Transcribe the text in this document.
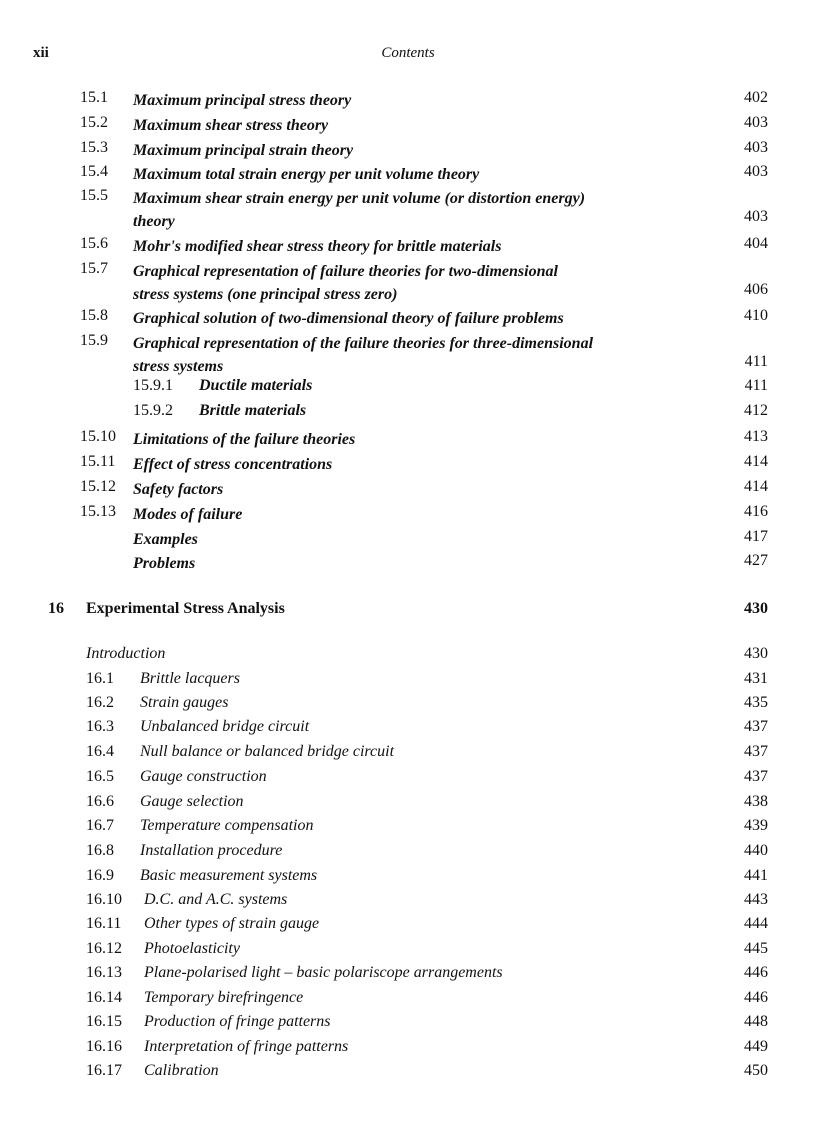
xii	Contents
15.1 Maximum principal stress theory	402
15.2 Maximum shear stress theory	403
15.3 Maximum principal strain theory	403
15.4 Maximum total strain energy per unit volume theory	403
15.5 Maximum shear strain energy per unit volume (or distortion energy)
theory	403
15.6 Mohr's modified shear stress theory for brittle materials	404
15.7 Graphical representation of failure theories for two-dimensional
stress systems (one principal stress zero)	406
15.8 Graphical solution of two-dimensional theory of failure problems	410
15.9 Graphical representation of the failure theories for three-dimensional
stress systems	411
15.9.1 Ductile materials	411
15.9.2 Brittle materials	412
15.10 Limitations of the failure theories	413
15.11 Effect of stress concentrations	414
15.12 Safety factors	414
15.13 Modes of failure	416
Examples	417
Problems	427
16 Experimental Stress Analysis	430
Introduction	430
16.1 Brittle lacquers	431
16.2 Strain gauges	435
16.3 Unbalanced bridge circuit	437
16.4 Null balance or balanced bridge circuit	437
16.5 Gauge construction	437
16.6 Gauge selection	438
16.7 Temperature compensation	439
16.8 Installation procedure	440
16.9 Basic measurement systems	441
16.10 D.C. and A.C. systems	443
16.11 Other types of strain gauge	444
16.12 Photoelasticity	445
16.13 Plane-polarised light – basic polariscope arrangements	446
16.14 Temporary birefringence	446
16.15 Production of fringe patterns	448
16.16 Interpretation of fringe patterns	449
16.17 Calibration	450
